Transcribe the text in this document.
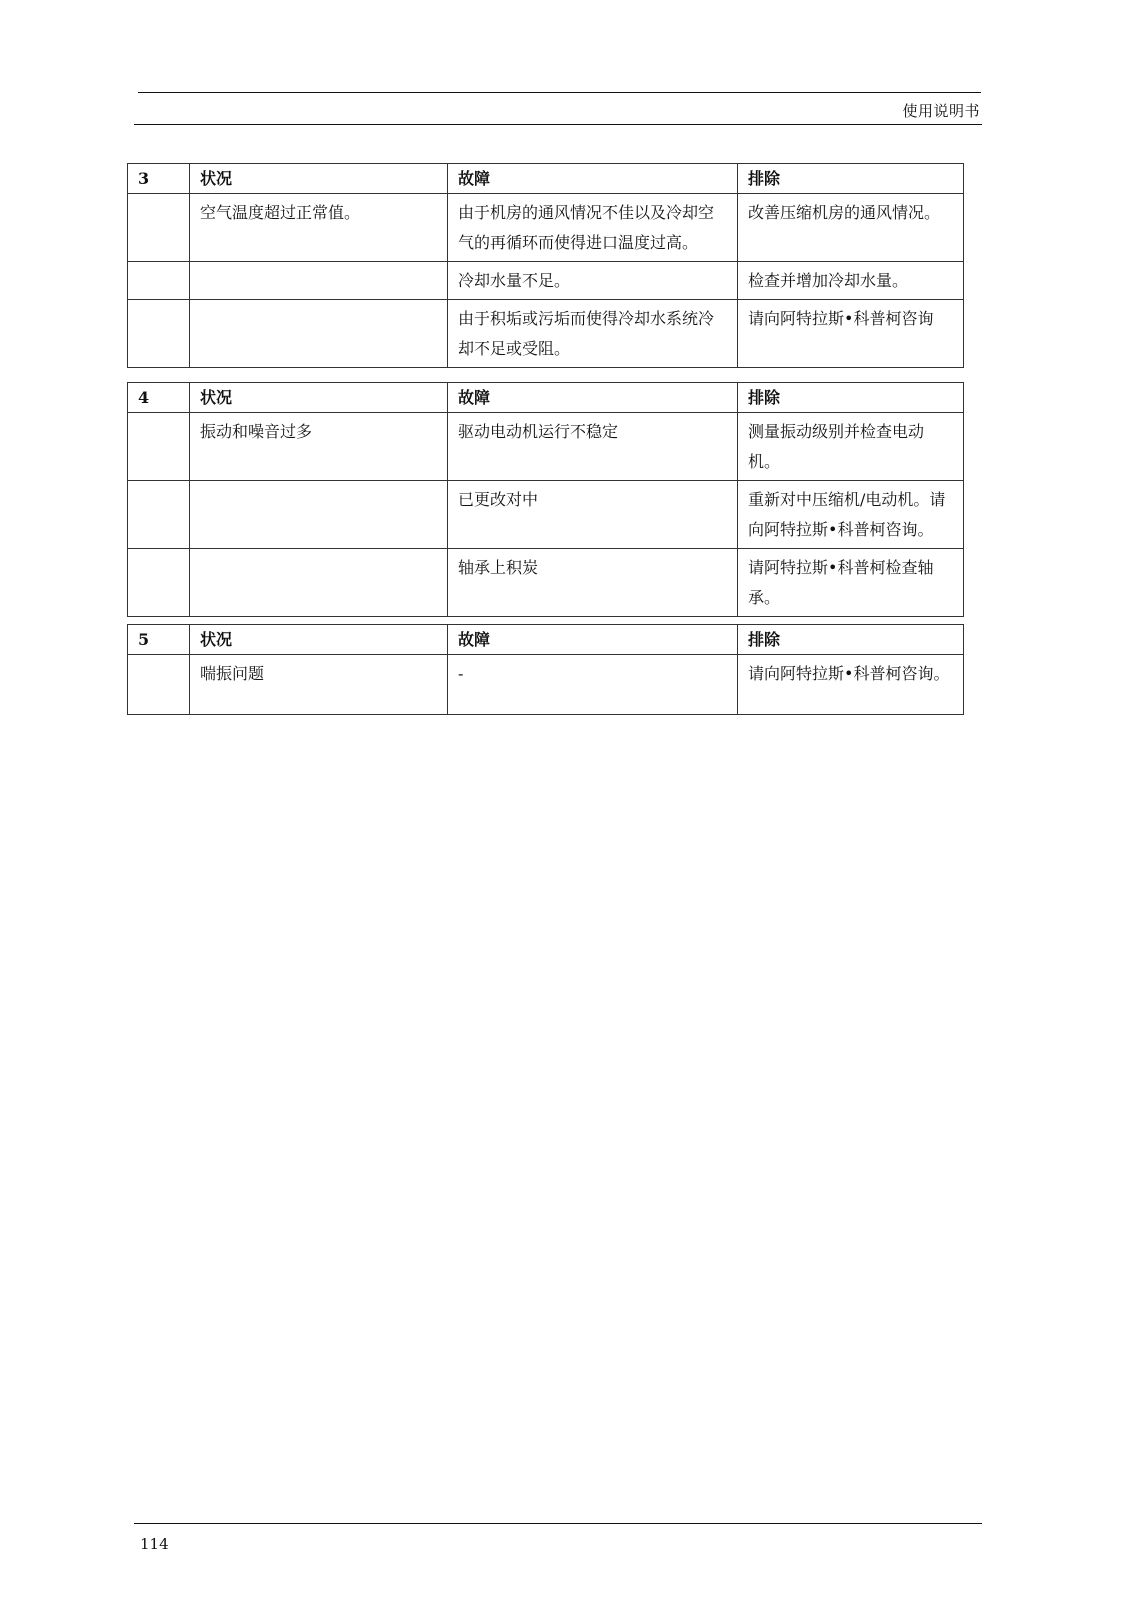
使用说明书
3	状况	故障	排除
	空气温度超过正常值。	由于机房的通风情况不佳以及冷却空气的再循环而使得进口温度过高。	改善压缩机房的通风情况。
		冷却水量不足。	检查并增加冷却水量。
		由于积垢或污垢而使得冷却水系统冷却不足或受阻。	请向阿特拉斯•科普柯咨询
4	状况	故障	排除
	振动和噪音过多	驱动电动机运行不稳定	测量振动级别并检查电动机。
		已更改对中	重新对中压缩机/电动机。请向阿特拉斯•科普柯咨询。
		轴承上积炭	请阿特拉斯•科普柯检查轴承。
5	状况	故障	排除
	喘振问题	-	请向阿特拉斯•科普柯咨询。
114
